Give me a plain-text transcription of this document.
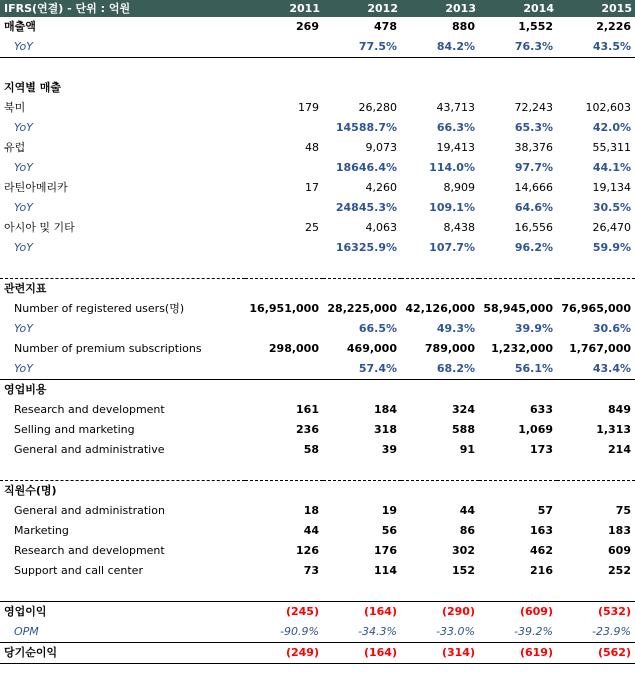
IFRS(연결) - 단위 : 억원	2011	2012	2013	2014	2015
매출액	269	478	880	1,552	2,226
YoY		77.5%	84.2%	76.3%	43.5%

지역별 매출					
북미	179	26,280	43,713	72,243	102,603
YoY		14588.7%	66.3%	65.3%	42.0%
유럽	48	9,073	19,413	38,376	55,311
YoY		18646.4%	114.0%	97.7%	44.1%
라틴아메리카	17	4,260	8,909	14,666	19,134
YoY		24845.3%	109.1%	64.6%	30.5%
아시아 및 기타	25	4,063	8,438	16,556	26,470
YoY		16325.9%	107.7%	96.2%	59.9%

관련지표					
Number of registered users(명)	16,951,000	28,225,000	42,126,000	58,945,000	76,965,000
YoY		66.5%	49.3%	39.9%	30.6%
Number of premium subscriptions	298,000	469,000	789,000	1,232,000	1,767,000
YoY		57.4%	68.2%	56.1%	43.4%
영업비용					
Research and development	161	184	324	633	849
Selling and marketing	236	318	588	1,069	1,313
General and administrative	58	39	91	173	214

직원수(명)					
General and administration	18	19	44	57	75
Marketing	44	56	86	163	183
Research and development	126	176	302	462	609
Support and call center	73	114	152	216	252

영업이익	(245)	(164)	(290)	(609)	(532)
OPM	-90.9%	-34.3%	-33.0%	-39.2%	-23.9%
당기순이익	(249)	(164)	(314)	(619)	(562)
